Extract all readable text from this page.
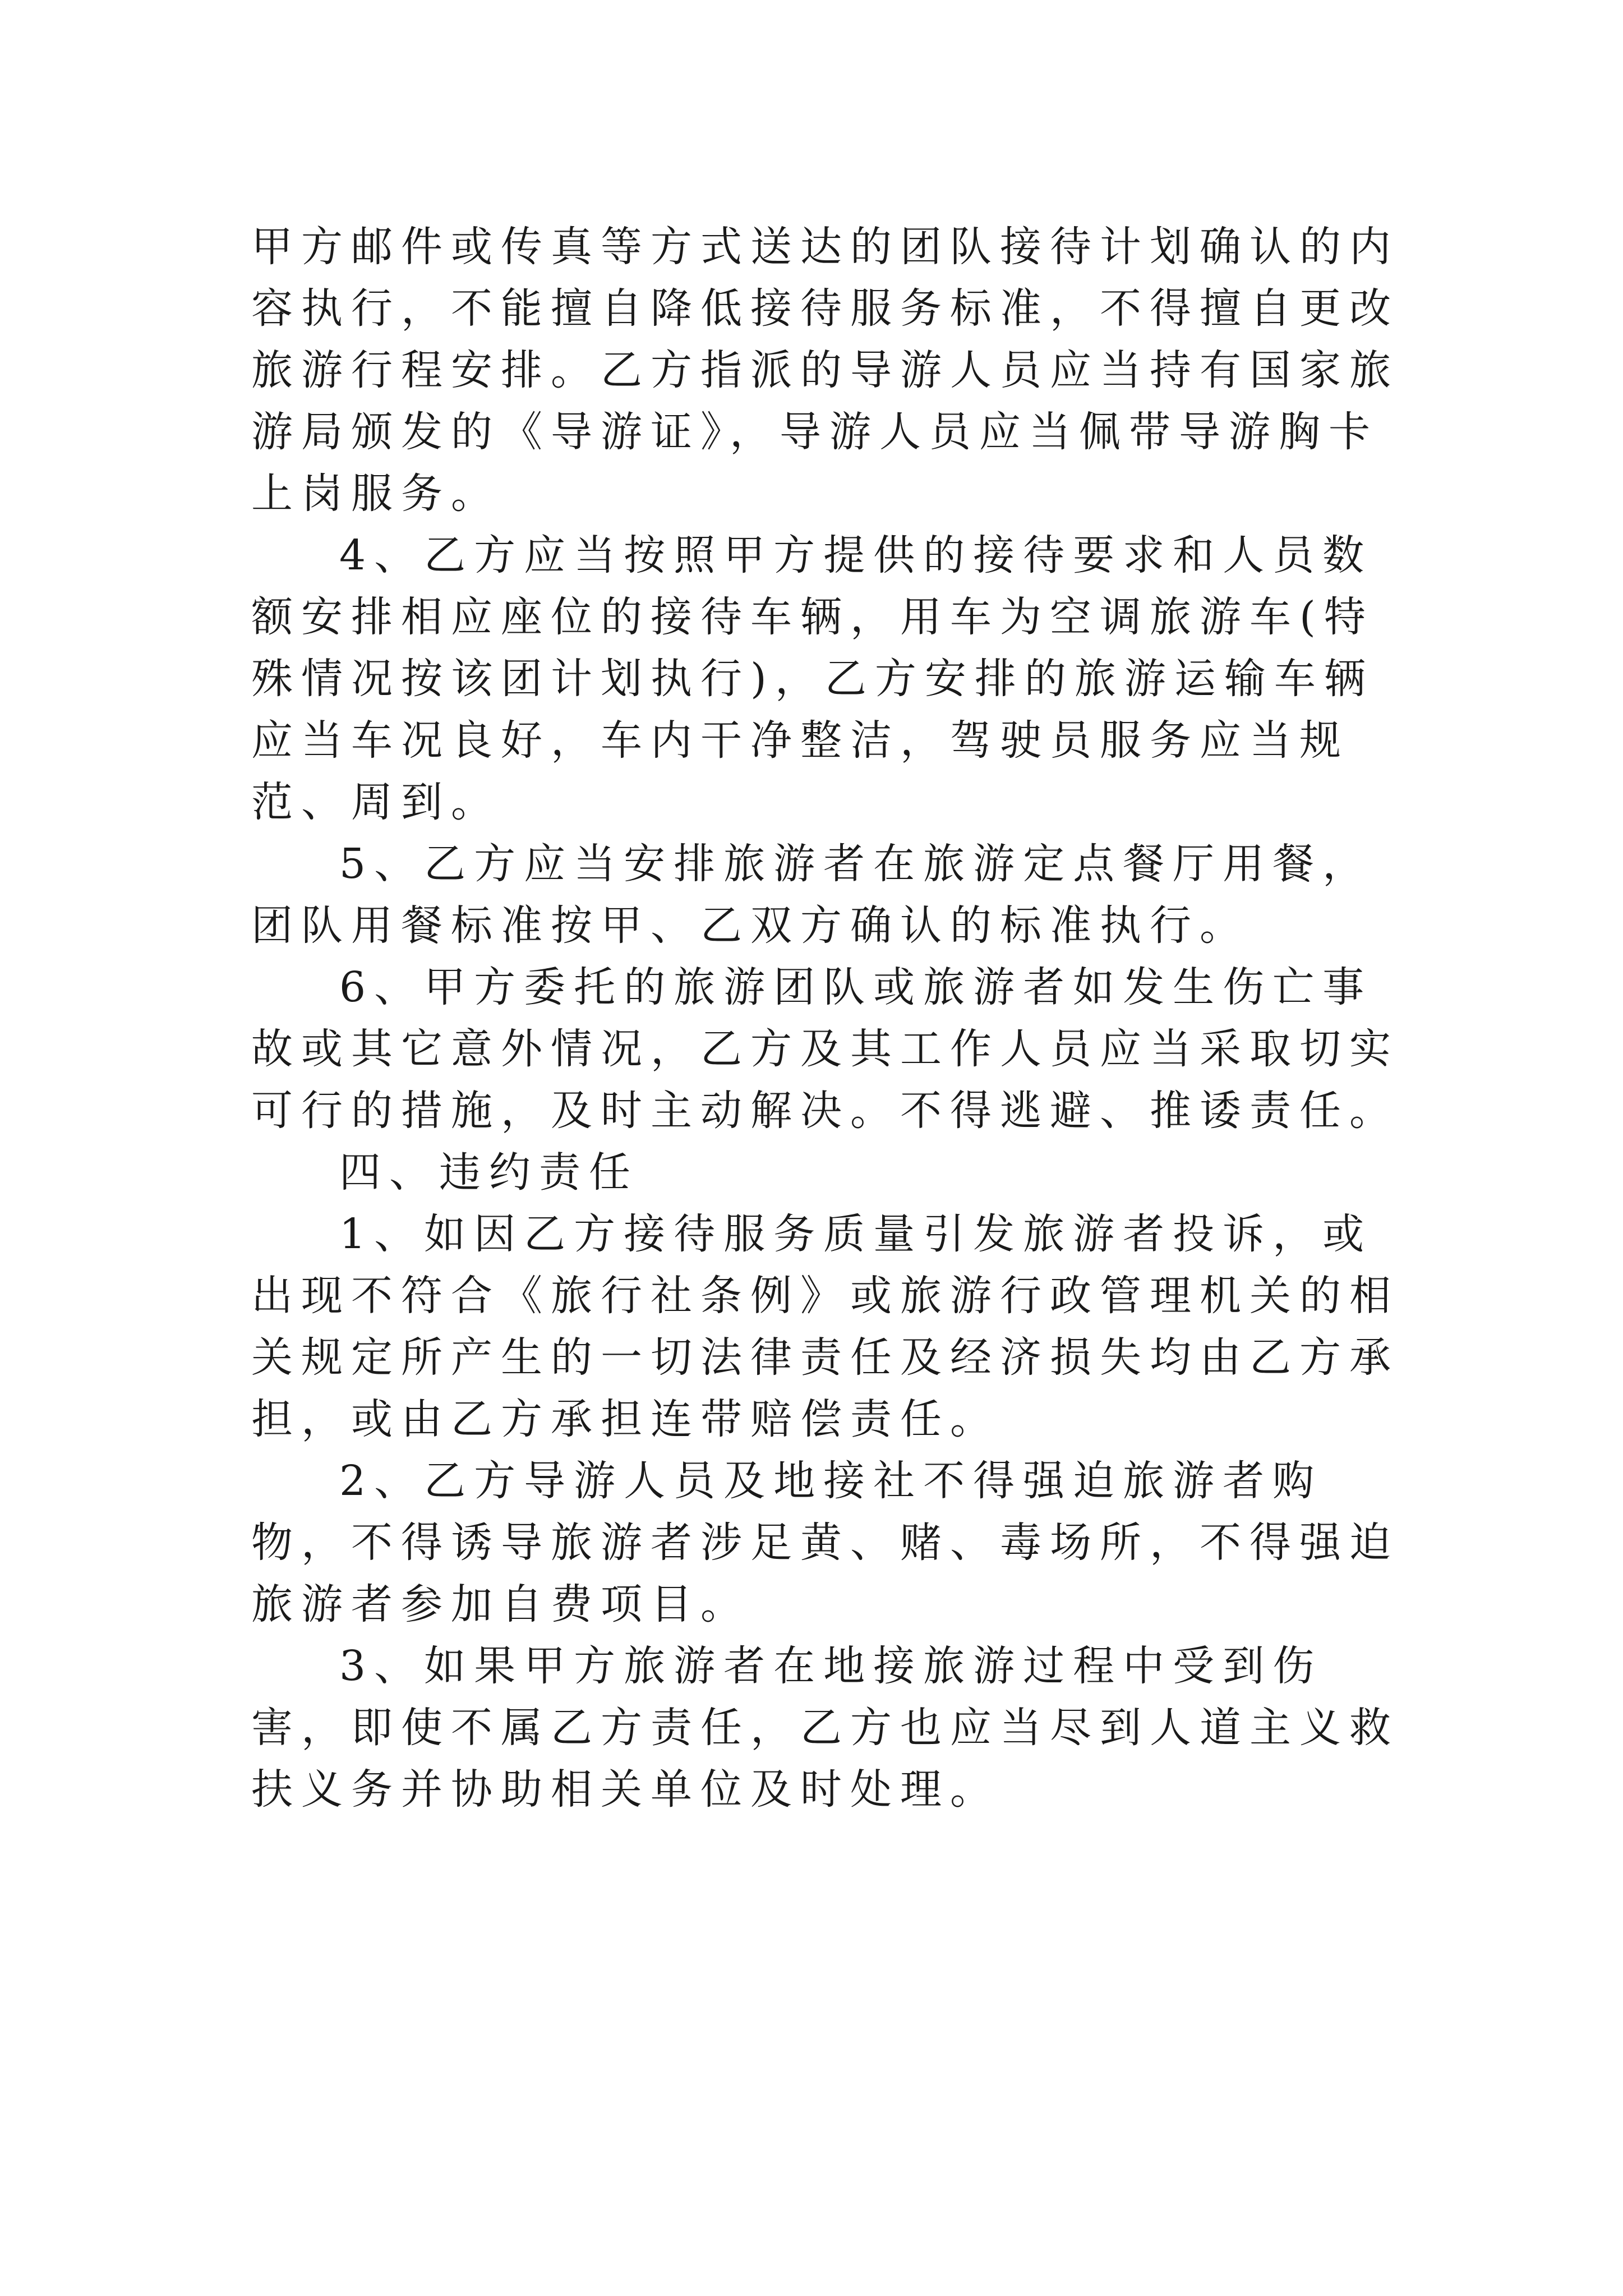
甲方邮件或传真等方式送达的团队接待计划确认的内容执行，不能擅自降低接待服务标准，不得擅自更改旅游行程安排。乙方指派的导游人员应当持有国家旅游局颁发的《导游证》，导游人员应当佩带导游胸卡上岗服务。

4、乙方应当按照甲方提供的接待要求和人员数额安排相应座位的接待车辆，用车为空调旅游车(特殊情况按该团计划执行)，乙方安排的旅游运输车辆应当车况良好，车内干净整洁，驾驶员服务应当规范、周到。

5、乙方应当安排旅游者在旅游定点餐厅用餐，团队用餐标准按甲、乙双方确认的标准执行。

6、甲方委托的旅游团队或旅游者如发生伤亡事故或其它意外情况，乙方及其工作人员应当采取切实可行的措施，及时主动解决。不得逃避、推诿责任。

四、违约责任

1、如因乙方接待服务质量引发旅游者投诉，或出现不符合《旅行社条例》或旅游行政管理机关的相关规定所产生的一切法律责任及经济损失均由乙方承担，或由乙方承担连带赔偿责任。

2、乙方导游人员及地接社不得强迫旅游者购物，不得诱导旅游者涉足黄、赌、毒场所，不得强迫旅游者参加自费项目。

3、如果甲方旅游者在地接旅游过程中受到伤害，即使不属乙方责任，乙方也应当尽到人道主义救扶义务并协助相关单位及时处理。
